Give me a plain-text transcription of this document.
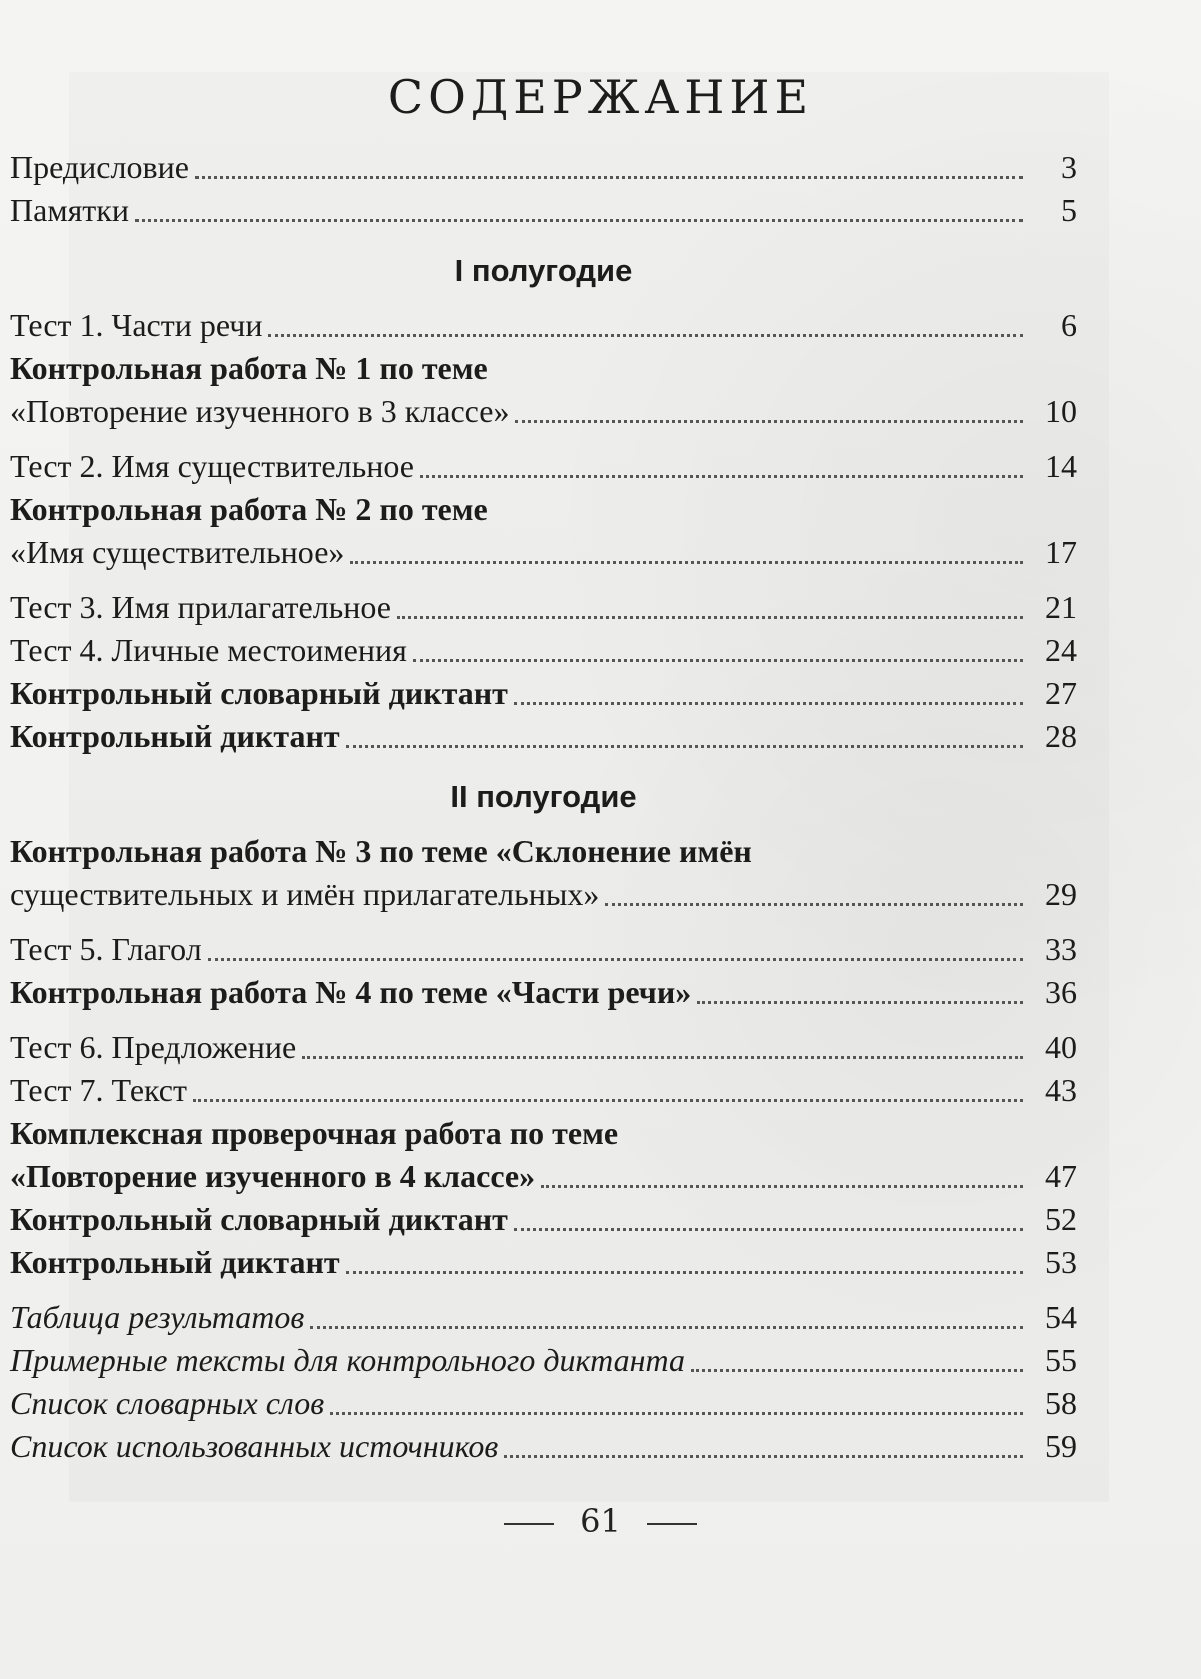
СОДЕРЖАНИЕ
Предисловие	3
Памятки	5
I полугодие
Тест 1. Части речи	6
Контрольная работа № 1 по теме
«Повторение изученного в 3 классе»	10
Тест 2. Имя существительное	14
Контрольная работа № 2 по теме
«Имя существительное»	17
Тест 3. Имя прилагательное	21
Тест 4. Личные местоимения	24
Контрольный словарный диктант	27
Контрольный диктант	28
II полугодие
Контрольная работа № 3 по теме «Склонение имён
существительных и имён прилагательных»	29
Тест 5. Глагол	33
Контрольная работа № 4 по теме «Части речи»	36
Тест 6. Предложение	40
Тест 7. Текст	43
Комплексная проверочная работа по теме
«Повторение изученного в 4 классе»	47
Контрольный словарный диктант	52
Контрольный диктант	53
Таблица результатов	54
Примерные тексты для контрольного диктанта	55
Список словарных слов	58
Список использованных источников	59
61
